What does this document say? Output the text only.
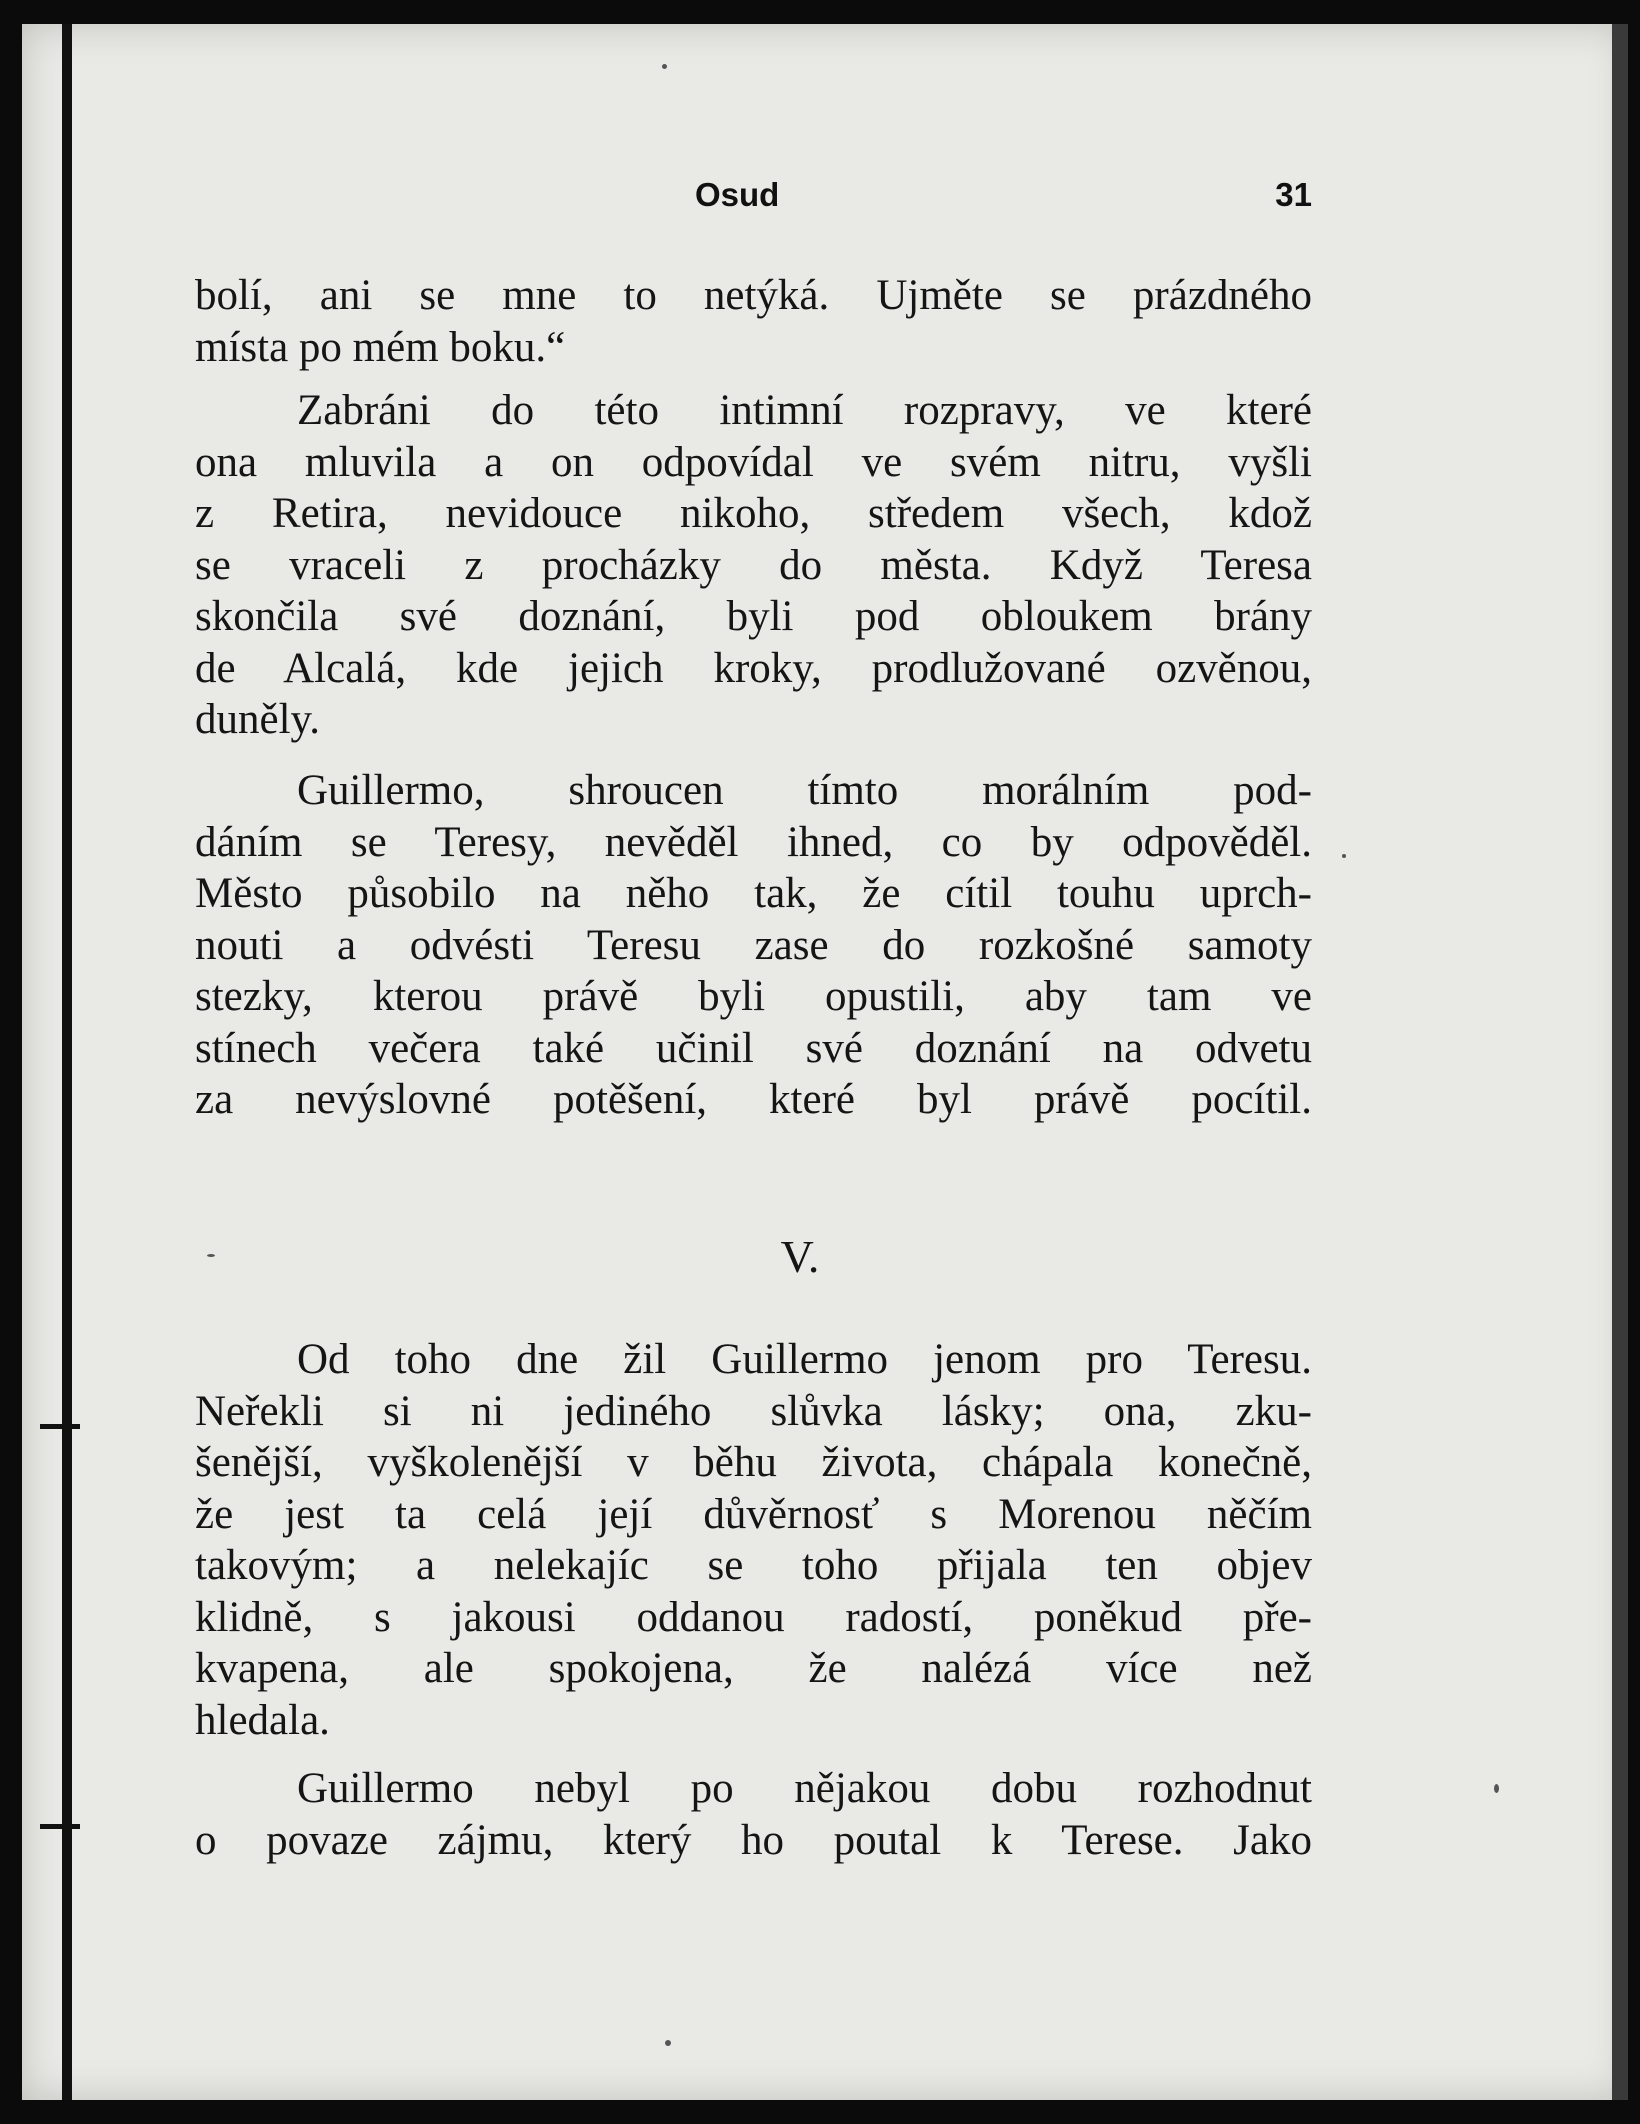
Osud	31

bolí, ani se mne to netýká. Ujměte se prázdného
místa po mém boku.“

Zabráni do této intimní rozpravy, ve které
ona mluvila a on odpovídal ve svém nitru, vyšli
z Retira, nevidouce nikoho, středem všech, kdož
se vraceli z procházky do města. Když Teresa
skončila své doznání, byli pod obloukem brány
de Alcalá, kde jejich kroky, prodlužované ozvěnou,
duněly.

Guillermo, shroucen tímto morálním pod-
dáním se Teresy, nevěděl ihned, co by odpověděl.
Město působilo na něho tak, že cítil touhu uprch-
nouti a odvésti Teresu zase do rozkošné samoty
stezky, kterou právě byli opustili, aby tam ve
stínech večera také učinil své doznání na odvetu
za nevýslovné potěšení, které byl právě pocítil.

V.

Od toho dne žil Guillermo jenom pro Teresu.
Neřekli si ni jediného slůvka lásky; ona, zku-
šenější, vyškolenější v běhu života, chápala konečně,
že jest ta celá její důvěrnosť s Morenou něčím
takovým; a nelekajíc se toho přijala ten objev
klidně, s jakousi oddanou radostí, poněkud pře-
kvapena, ale spokojena, že nalézá více než
hledala.

Guillermo nebyl po nějakou dobu rozhodnut
o povaze zájmu, který ho poutal k Terese. Jako
